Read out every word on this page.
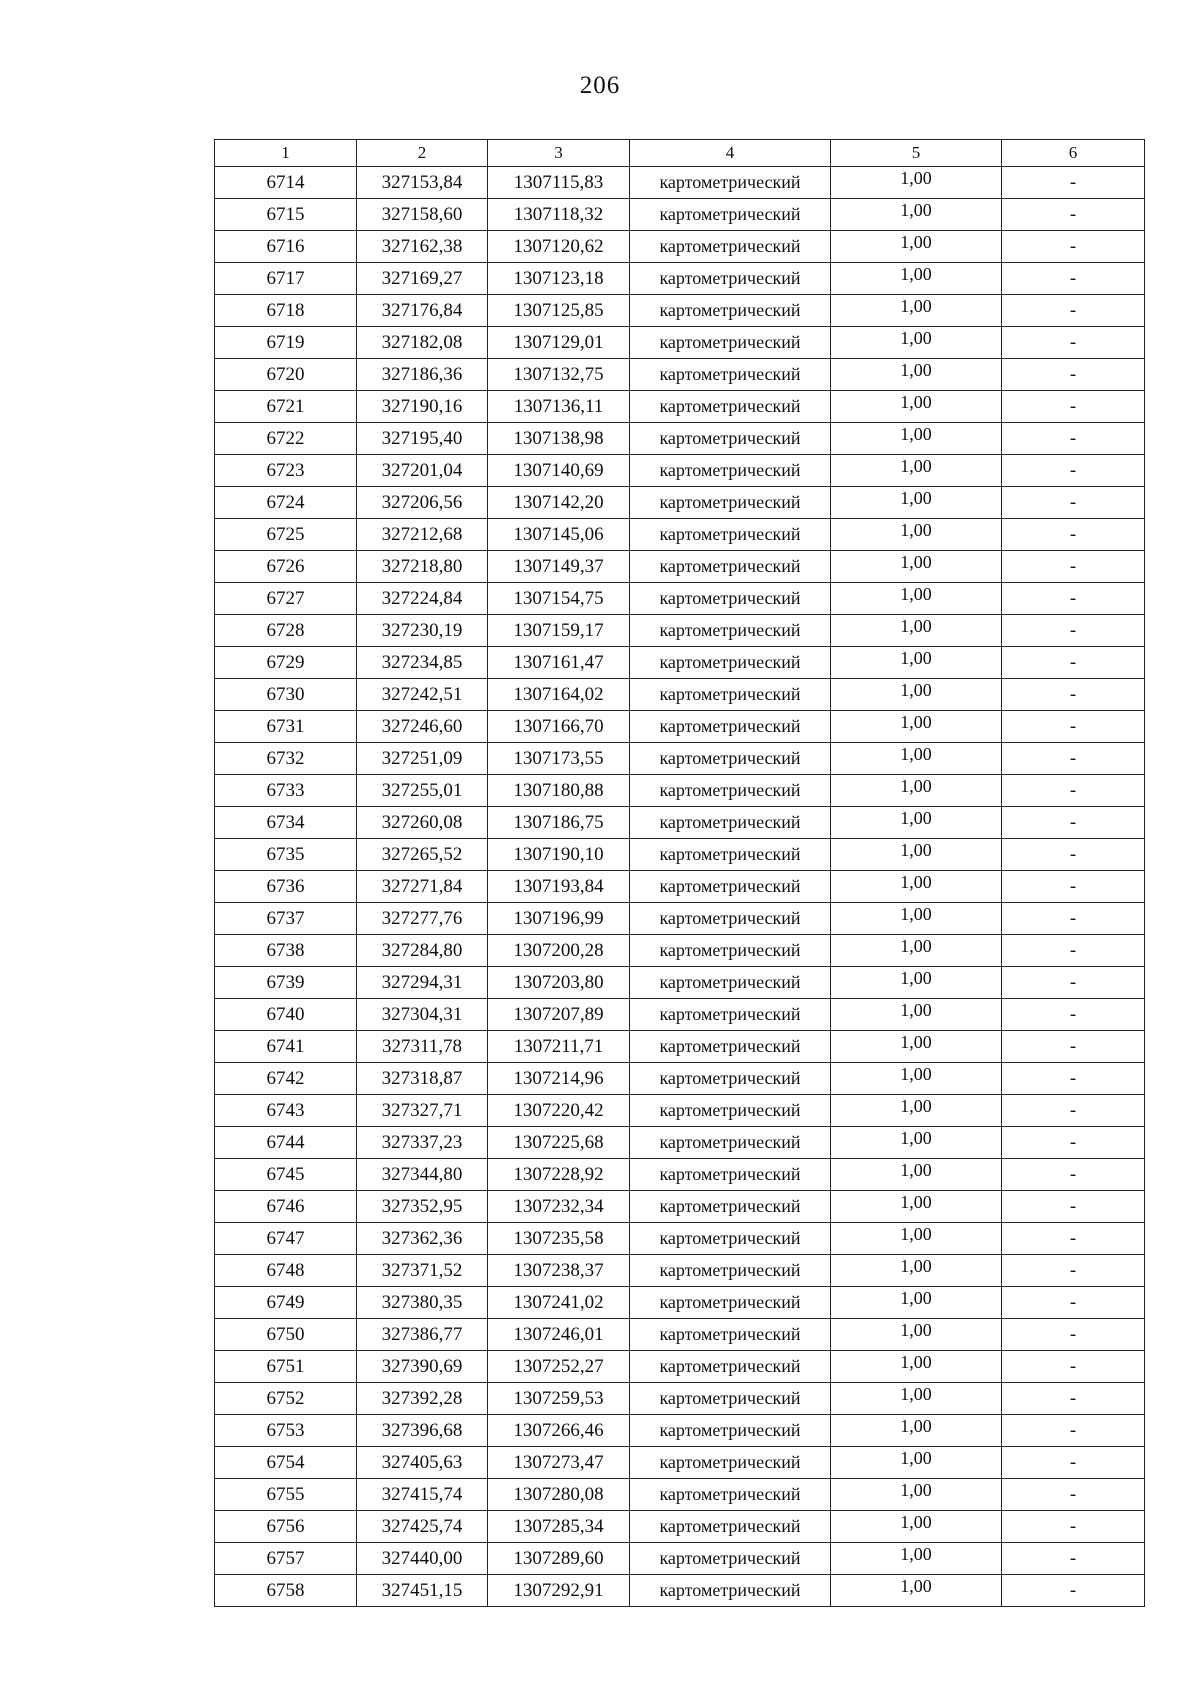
206
1	2	3	4	5	6
6714	327153,84	1307115,83	картометрический	1,00	-
6715	327158,60	1307118,32	картометрический	1,00	-
6716	327162,38	1307120,62	картометрический	1,00	-
6717	327169,27	1307123,18	картометрический	1,00	-
6718	327176,84	1307125,85	картометрический	1,00	-
6719	327182,08	1307129,01	картометрический	1,00	-
6720	327186,36	1307132,75	картометрический	1,00	-
6721	327190,16	1307136,11	картометрический	1,00	-
6722	327195,40	1307138,98	картометрический	1,00	-
6723	327201,04	1307140,69	картометрический	1,00	-
6724	327206,56	1307142,20	картометрический	1,00	-
6725	327212,68	1307145,06	картометрический	1,00	-
6726	327218,80	1307149,37	картометрический	1,00	-
6727	327224,84	1307154,75	картометрический	1,00	-
6728	327230,19	1307159,17	картометрический	1,00	-
6729	327234,85	1307161,47	картометрический	1,00	-
6730	327242,51	1307164,02	картометрический	1,00	-
6731	327246,60	1307166,70	картометрический	1,00	-
6732	327251,09	1307173,55	картометрический	1,00	-
6733	327255,01	1307180,88	картометрический	1,00	-
6734	327260,08	1307186,75	картометрический	1,00	-
6735	327265,52	1307190,10	картометрический	1,00	-
6736	327271,84	1307193,84	картометрический	1,00	-
6737	327277,76	1307196,99	картометрический	1,00	-
6738	327284,80	1307200,28	картометрический	1,00	-
6739	327294,31	1307203,80	картометрический	1,00	-
6740	327304,31	1307207,89	картометрический	1,00	-
6741	327311,78	1307211,71	картометрический	1,00	-
6742	327318,87	1307214,96	картометрический	1,00	-
6743	327327,71	1307220,42	картометрический	1,00	-
6744	327337,23	1307225,68	картометрический	1,00	-
6745	327344,80	1307228,92	картометрический	1,00	-
6746	327352,95	1307232,34	картометрический	1,00	-
6747	327362,36	1307235,58	картометрический	1,00	-
6748	327371,52	1307238,37	картометрический	1,00	-
6749	327380,35	1307241,02	картометрический	1,00	-
6750	327386,77	1307246,01	картометрический	1,00	-
6751	327390,69	1307252,27	картометрический	1,00	-
6752	327392,28	1307259,53	картометрический	1,00	-
6753	327396,68	1307266,46	картометрический	1,00	-
6754	327405,63	1307273,47	картометрический	1,00	-
6755	327415,74	1307280,08	картометрический	1,00	-
6756	327425,74	1307285,34	картометрический	1,00	-
6757	327440,00	1307289,60	картометрический	1,00	-
6758	327451,15	1307292,91	картометрический	1,00	-
